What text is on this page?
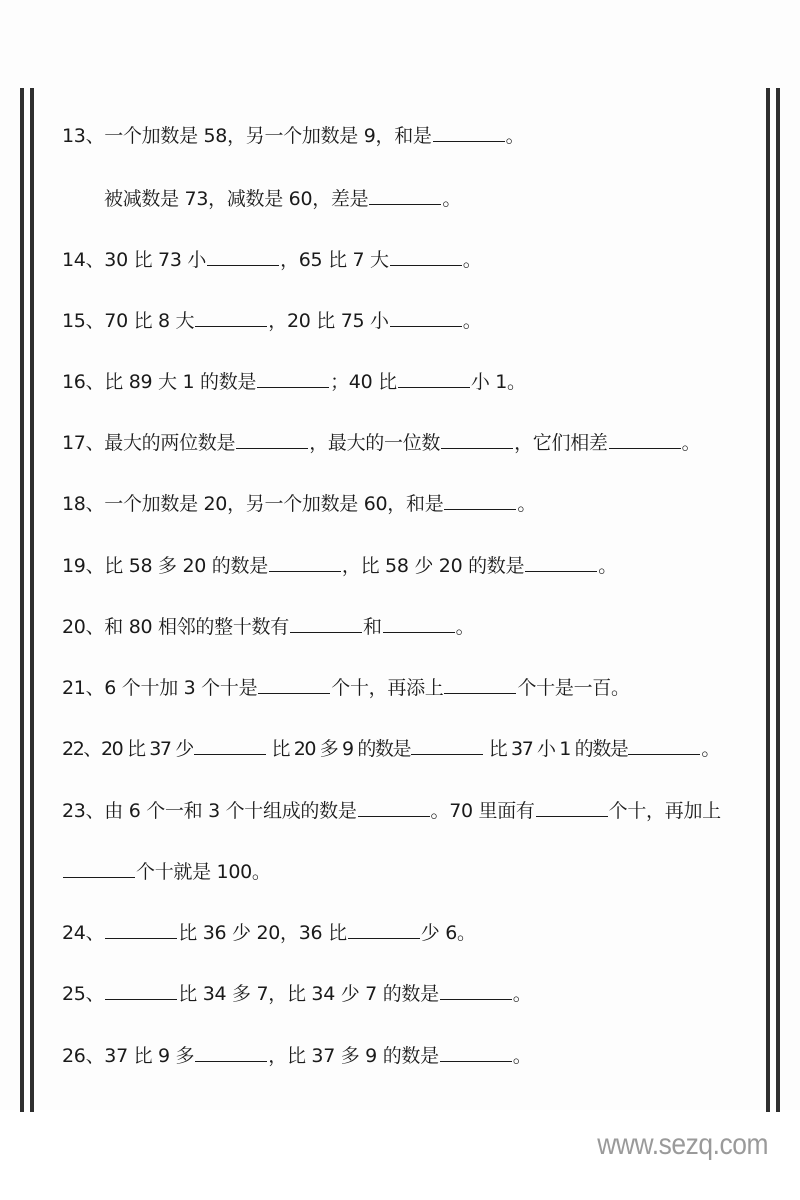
13、一个加数是 58，另一个加数是 9，和是	。
被减数是 73，减数是 60，差是	。
14、30 比 73 小	，65 比 7 大	。
15、70 比 8 大	，20 比 75 小	。
16、比 89 大 1 的数是	；40 比	小 1。
17、最大的两位数是	，最大的一位数	，它们相差	。
18、一个加数是 20，另一个加数是 60，和是	。
19、比 58 多 20 的数是	，比 58 少 20 的数是	。
20、和 80 相邻的整十数有	和	。
21、6 个十加 3 个十是	个十，再添上	个十是一百。
22、20 比 37 少	比 20 多 9 的数是	比 37 小 1 的数是	。
23、由 6 个一和 3 个十组成的数是	。70 里面有	个十，再加上
个十就是 100。
24、	比 36 少 20，36 比	少 6。
25、	比 34 多 7，比 34 少 7 的数是	。
26、37 比 9 多	，比 37 多 9 的数是	。
www.sezq.com
